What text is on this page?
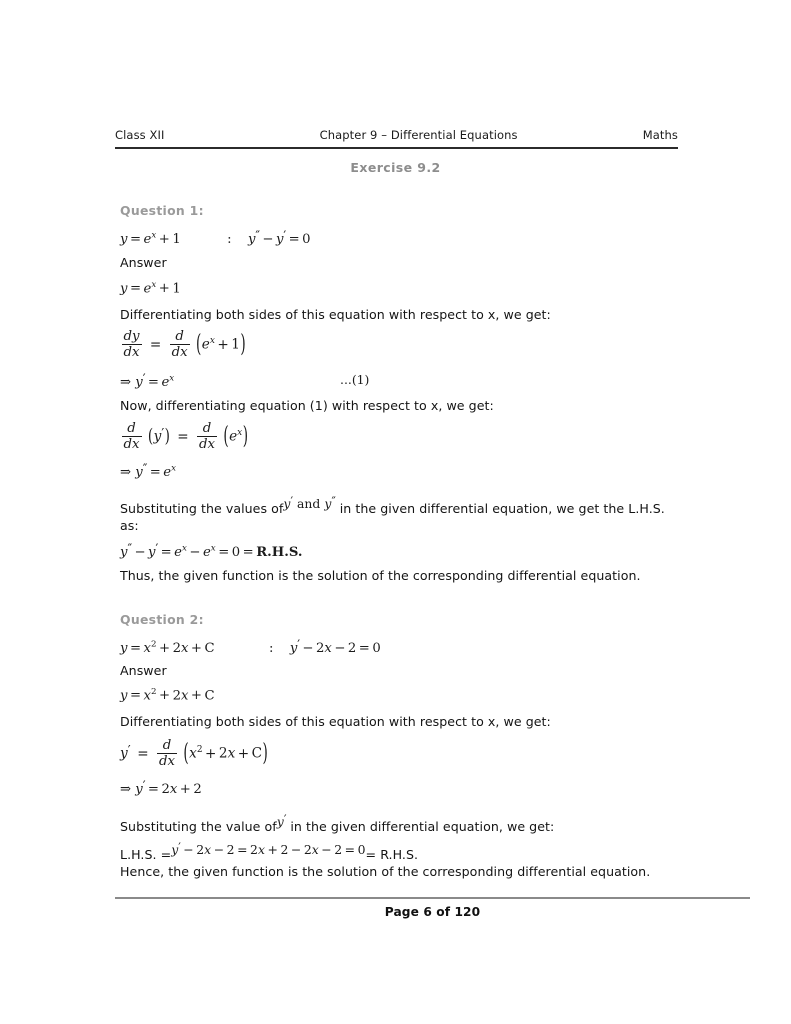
Class XII	Chapter 9 – Differential Equations	Maths
Exercise 9.2
Question 1:
$y = e^x + 1$	: y″ − y′ = 0
Answer
$y = e^x + 1$
Differentiating both sides of this equation with respect to x, we get:
$\frac{dy}{dx} = \frac{d}{dx} (e^x + 1)$
⇒ $y' = e^x$	...(1)
Now, differentiating equation (1) with respect to x, we get:
$\frac{d}{dx} (y') = \frac{d}{dx} (e^x)$
⇒ $y'' = e^x$
Substituting the values ofy′ and y″ in the given differential equation, we get the L.H.S.
as:
$y'' - y' = e^x - e^x = 0 = R.H.S$.
Thus, the given function is the solution of the corresponding differential equation.
Question 2:
$y = x^2 + 2x + C$	: y′ − 2x − 2 = 0
Answer
$y = x^2 + 2x + C$
Differentiating both sides of this equation with respect to x, we get:
$y' = \frac{d}{dx} (x^2 + 2x + C)$
⇒ y′ = 2x + 2
Substituting the value ofy′ in the given differential equation, we get:
L.H.S. =y′ − 2x − 2 = 2x + 2 − 2x − 2 = 0= R.H.S.
Hence, the given function is the solution of the corresponding differential equation.
Page 6 of 120
